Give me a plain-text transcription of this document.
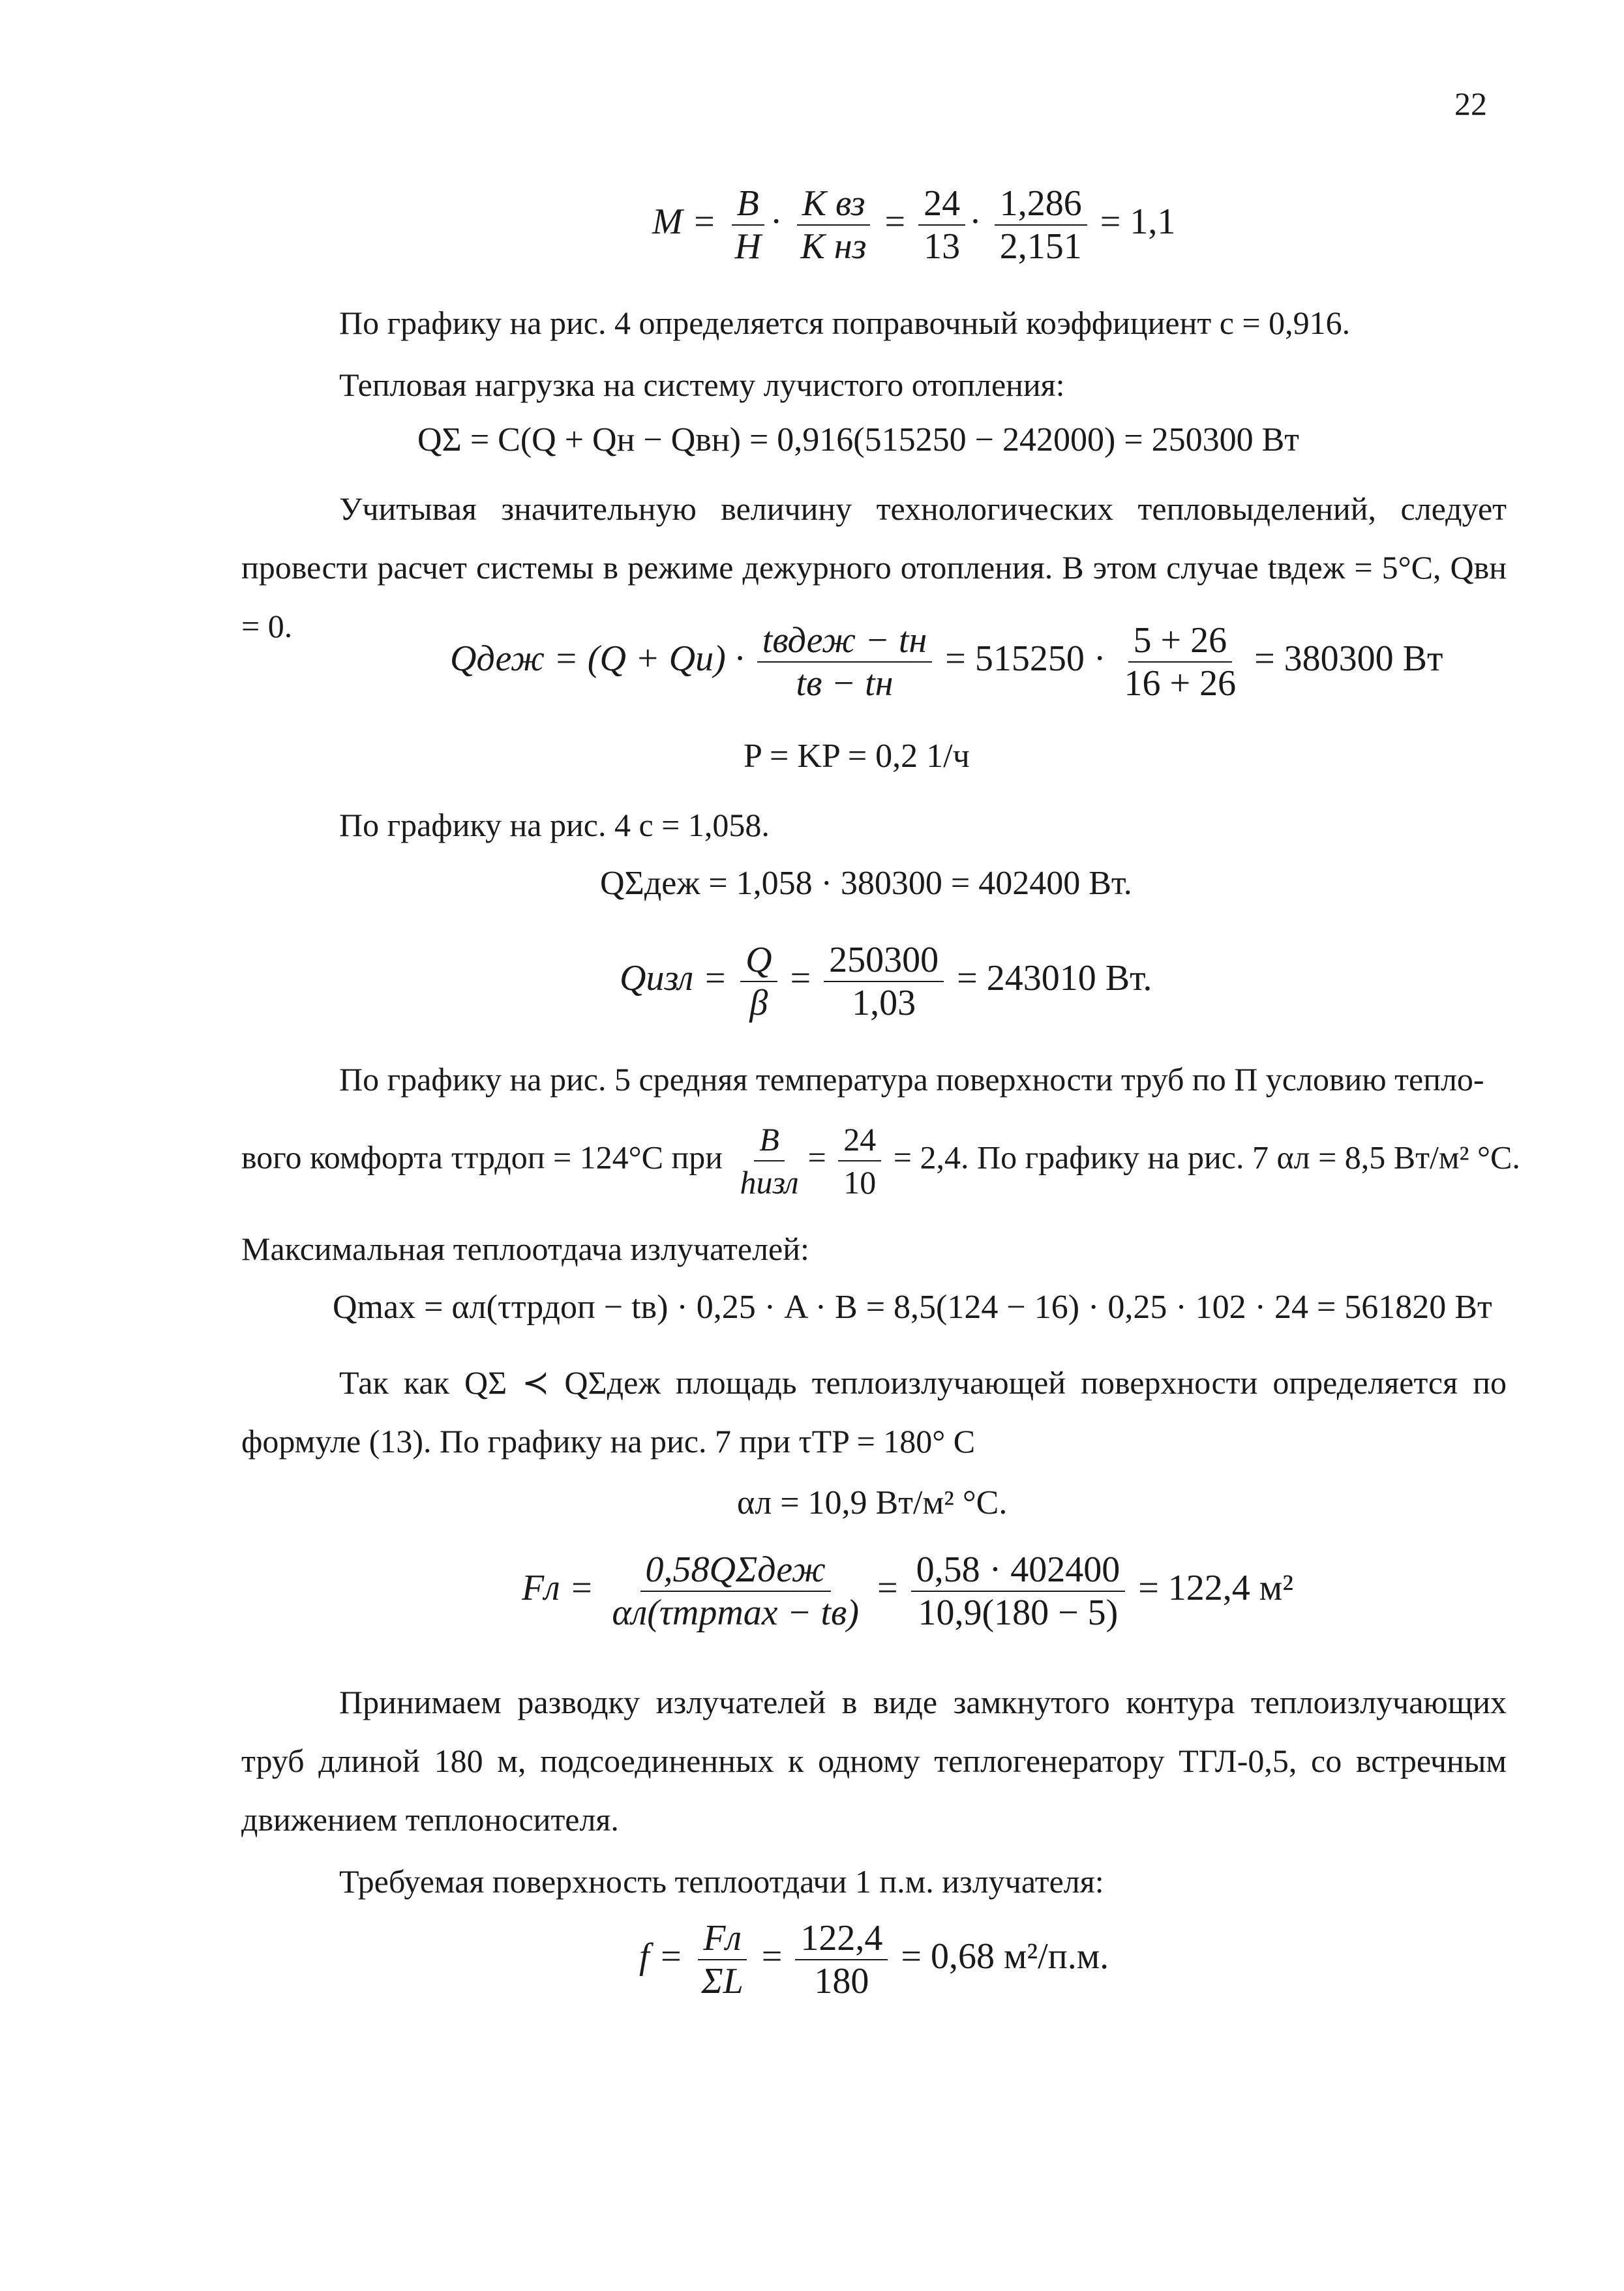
22
$M = \frac{B}{H} \cdot \frac{\text{K вз}}{\text{K нз}} = \frac{24}{13} \cdot \frac{1,286}{2,151} = 1,1$

По графику на рис. 4 определяется поправочный коэффициент c = 0,916.

Тепловая нагрузка на систему лучистого отопления:

QΣ = C(Q + Qн − Qвн) = 0,916(515250 − 242000) = 250300 Вт

Учитывая значительную величину технологических тепловыделений, следует провести расчет системы в режиме дежурного отопления. В этом случае tвдеж = 5°C, Qвн = 0.

Qдеж = $(Q + Qи) \cdot \frac{\text{tвдеж − tн}}{tв - tн} = 515250 \cdot \frac{5 + 26}{16 + 26} = 380300$ Вт
P = KP = 0,2 1/ч

По графику на рис. 4 c = 1,058.

QΣдеж = 1,058 · 380300 = 402400 Вт.
Qизл = $\frac{Q}{\beta} = \frac{250300}{1,03} = 243010$ Вт.

По графику на рис. 5 средняя температура поверхности труб по П условию тепло-

вого комфорта τтрдоп = 124°C при $\frac{B}{\text{hизл}} = \frac{24}{10} = 2,4$. По графику на рис. 7 αл = 8,5 Вт/м² °C.

Максимальная теплоотдача излучателей:

Qmax = αл(τтрдоп − tв) · 0,25 · A · B = 8,5(124 − 16) · 0,25 · 102 · 24 = 561820 Вт

Так как QΣ ≺ QΣдеж площадь теплоизлучающей поверхности определяется по формуле (13). По графику на рис. 7 при τTP = 180° C

αл = 10,9 Вт/м² °C.
Fл = $\frac{\text{0,58QΣдеж}}{\text{αл(τтрmax − tв)}} = \frac{0,58 \cdot 402400}{10,9(180 - 5)} = 122,4$ м²

Принимаем разводку излучателей в виде замкнутого контура теплоизлучающих труб длиной 180 м, подсоединенных к одному теплогенератору ТГЛ-0,5, со встречным движением теплоносителя.

Требуемая поверхность теплоотдачи 1 п.м. излучателя:

$f = \frac{Fл}{\Sigma L} = \frac{122,4}{180} = 0,68$ м²/п.м.
